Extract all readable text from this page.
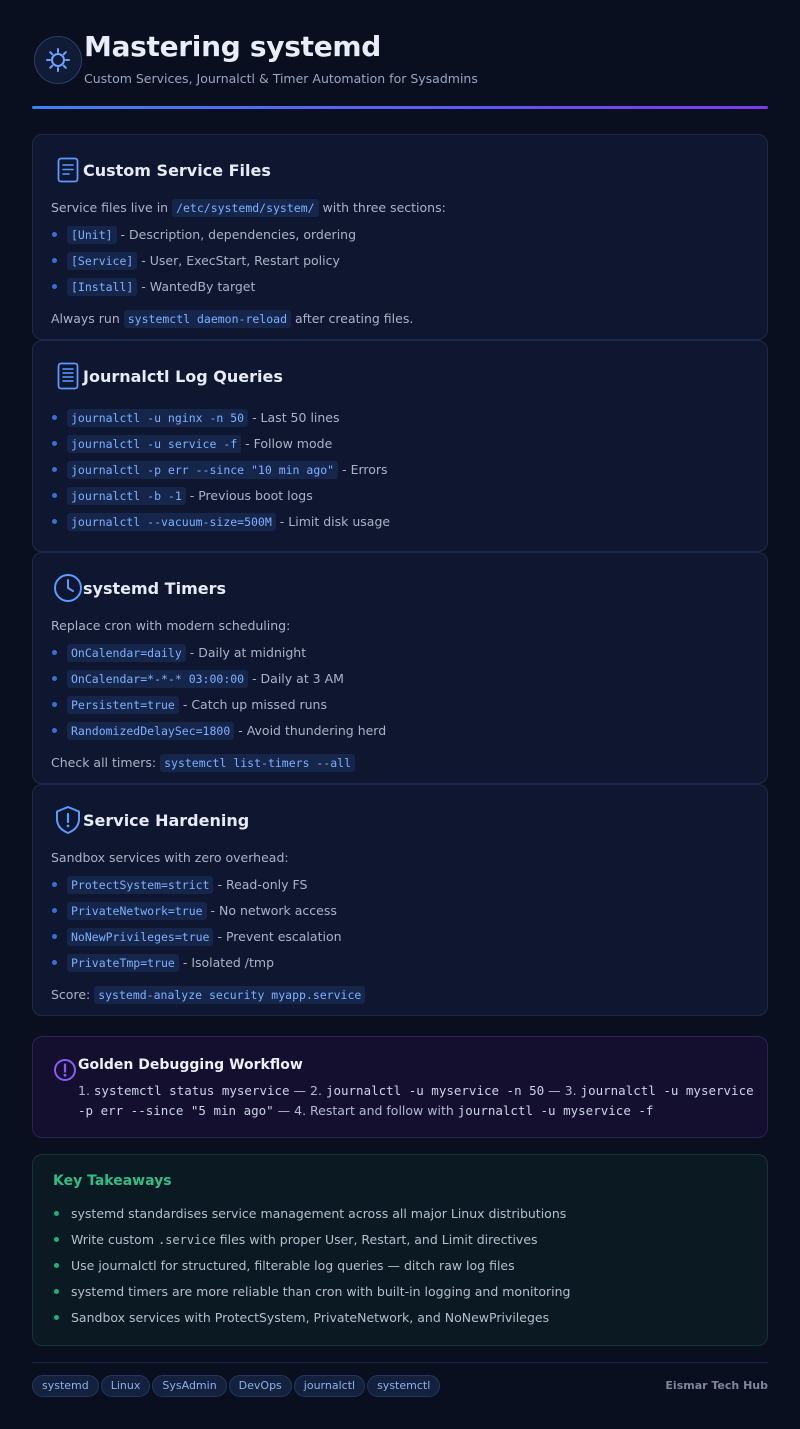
Mastering systemd
Custom Services, Journalctl & Timer Automation for Sysadmins
Custom Service Files
Service files live in /etc/systemd/system/ with three sections:
[Unit] - Description, dependencies, ordering
[Service] - User, ExecStart, Restart policy
[Install] - WantedBy target
Always run systemctl daemon-reload after creating files.
Journalctl Log Queries
journalctl -u nginx -n 50 - Last 50 lines
journalctl -u service -f - Follow mode
journalctl -p err --since "10 min ago" - Errors
journalctl -b -1 - Previous boot logs
journalctl --vacuum-size=500M - Limit disk usage
systemd Timers
Replace cron with modern scheduling:
OnCalendar=daily - Daily at midnight
OnCalendar=*-*-* 03:00:00 - Daily at 3 AM
Persistent=true - Catch up missed runs
RandomizedDelaySec=1800 - Avoid thundering herd
Check all timers: systemctl list-timers --all
Service Hardening
Sandbox services with zero overhead:
ProtectSystem=strict - Read-only FS
PrivateNetwork=true - No network access
NoNewPrivileges=true - Prevent escalation
PrivateTmp=true - Isolated /tmp
Score: systemd-analyze security myapp.service
Golden Debugging Workflow
1. systemctl status myservice — 2. journalctl -u myservice -n 50 — 3. journalctl -u myservice -p err --since "5 min ago" — 4. Restart and follow with journalctl -u myservice -f
Key Takeaways
systemd standardises service management across all major Linux distributions
Write custom .service files with proper User, Restart, and Limit directives
Use journalctl for structured, filterable log queries — ditch raw log files
systemd timers are more reliable than cron with built-in logging and monitoring
Sandbox services with ProtectSystem, PrivateNetwork, and NoNewPrivileges
systemd	Linux	SysAdmin	DevOps	journalctl	systemctl	Eismar Tech Hub
